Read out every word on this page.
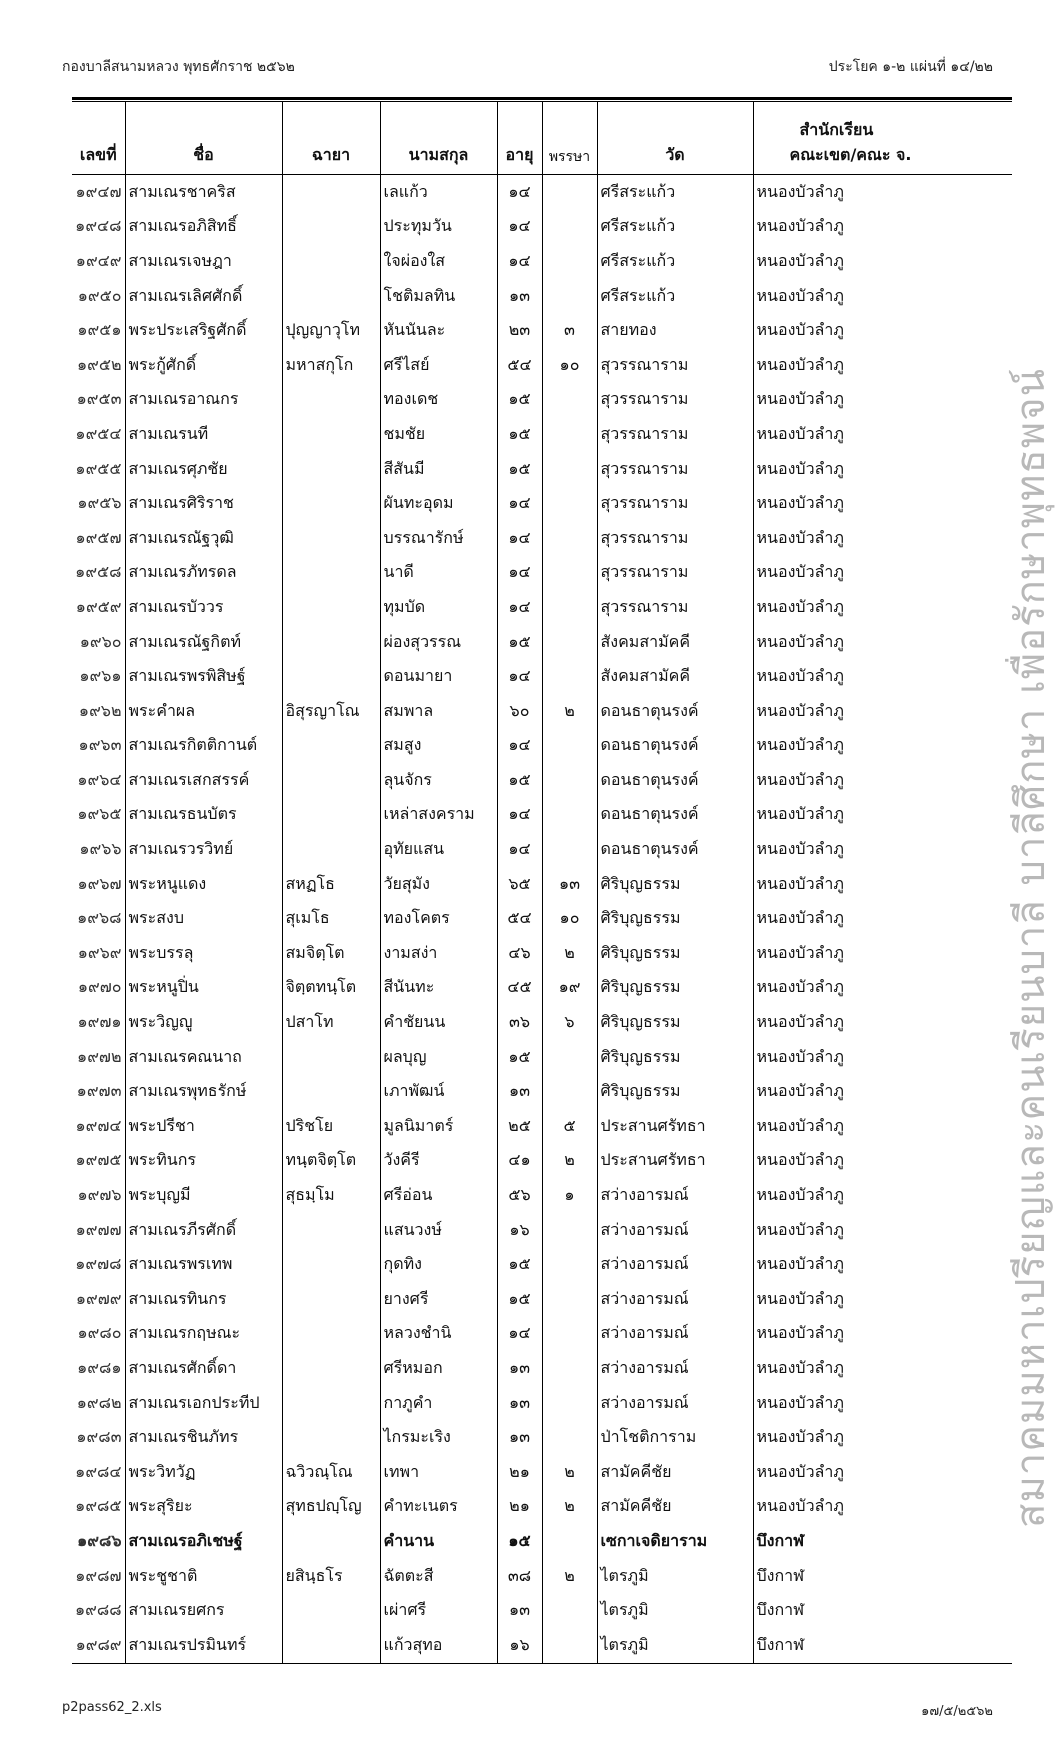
กองบาลีสนามหลวง พุทธศักราช ๒๕๖๒	ประโยค ๑-๒ แผ่นที่ ๑๔/๒๒
เลขที่	ชื่อ	ฉายา	นามสกุล	อายุ	พรรษา	วัด	สำนักเรียน
คณะเขต/คณะ จ.

๑๙๔๗	สามเณรชาคริส		เลแก้ว	๑๔		ศรีสระแก้ว	หนองบัวลำภู
๑๙๔๘	สามเณรอภิสิทธิ์		ประทุมวัน	๑๔		ศรีสระแก้ว	หนองบัวลำภู
๑๙๔๙	สามเณรเจษฎา		ใจผ่องใส	๑๔		ศรีสระแก้ว	หนองบัวลำภู
๑๙๕๐	สามเณรเลิศศักดิ์		โชติมลทิน	๑๓		ศรีสระแก้ว	หนองบัวลำภู
๑๙๕๑	พระประเสริฐศักดิ์	ปุญญาวุโท	หันนันละ	๒๓	๓	สายทอง	หนองบัวลำภู
๑๙๕๒	พระกู้ศักดิ์	มหาสกุโก	ศรีไสย์	๕๔	๑๐	สุวรรณาราม	หนองบัวลำภู
๑๙๕๓	สามเณรอาณกร		ทองเดช	๑๕		สุวรรณาราม	หนองบัวลำภู
๑๙๕๔	สามเณรนที		ชมชัย	๑๕		สุวรรณาราม	หนองบัวลำภู
๑๙๕๕	สามเณรศุภชัย		สีสันมี	๑๕		สุวรรณาราม	หนองบัวลำภู
๑๙๕๖	สามเณรศิริราช		ผันทะอุดม	๑๔		สุวรรณาราม	หนองบัวลำภู
๑๙๕๗	สามเณรณัฐวุฒิ		บรรณารักษ์	๑๔		สุวรรณาราม	หนองบัวลำภู
๑๙๕๘	สามเณรภัทรดล		นาดี	๑๔		สุวรรณาราม	หนองบัวลำภู
๑๙๕๙	สามเณรบัววร		ทุมบัด	๑๔		สุวรรณาราม	หนองบัวลำภู
๑๙๖๐	สามเณรณัฐกิตท์		ผ่องสุวรรณ	๑๕		สังคมสามัคคี	หนองบัวลำภู
๑๙๖๑	สามเณรพรพิสิษฐ์		ดอนมายา	๑๔		สังคมสามัคคี	หนองบัวลำภู
๑๙๖๒	พระคำผล	อิสุรญาโณ	สมพาล	๖๐	๒	ดอนธาตุนรงค์	หนองบัวลำภู
๑๙๖๓	สามเณรกิตติกานต์		สมสูง	๑๔		ดอนธาตุนรงค์	หนองบัวลำภู
๑๙๖๔	สามเณรเสกสรรค์		ลุนจักร	๑๕		ดอนธาตุนรงค์	หนองบัวลำภู
๑๙๖๕	สามเณรธนบัตร		เหล่าสงคราม	๑๔		ดอนธาตุนรงค์	หนองบัวลำภู
๑๙๖๖	สามเณรวรวิทย์		อุทัยแสน	๑๔		ดอนธาตุนรงค์	หนองบัวลำภู
๑๙๖๗	พระหนูแดง	สหฏโธ	วัยสุมัง	๖๕	๑๓	ศิริบุญธรรม	หนองบัวลำภู
๑๙๖๘	พระสงบ	สุเมโธ	ทองโคตร	๕๔	๑๐	ศิริบุญธรรม	หนองบัวลำภู
๑๙๖๙	พระบรรลุ	สมจิตฺโต	งามสง่า	๔๖	๒	ศิริบุญธรรม	หนองบัวลำภู
๑๙๗๐	พระหนูปิ่น	จิตฺตทนฺโต	สีนันทะ	๔๕	๑๙	ศิริบุญธรรม	หนองบัวลำภู
๑๙๗๑	พระวิญญู	ปสาโท	คำชัยนน	๓๖	๖	ศิริบุญธรรม	หนองบัวลำภู
๑๙๗๒	สามเณรคณนาถ		ผลบุญ	๑๕		ศิริบุญธรรม	หนองบัวลำภู
๑๙๗๓	สามเณรพุทธรักษ์		เภาพัฒน์	๑๓		ศิริบุญธรรม	หนองบัวลำภู
๑๙๗๔	พระปรีชา	ปริชโย	มูลนิมาตร์	๒๕	๕	ประสานศรัทธา	หนองบัวลำภู
๑๙๗๕	พระทินกร	ทนฺตจิตฺโต	วังคีรี	๔๑	๒	ประสานศรัทธา	หนองบัวลำภู
๑๙๗๖	พระบุญมี	สุธมฺโม	ศรีอ่อน	๕๖	๑	สว่างอารมณ์	หนองบัวลำภู
๑๙๗๗	สามเณรภีรศักดิ์		แสนวงษ์	๑๖		สว่างอารมณ์	หนองบัวลำภู
๑๙๗๘	สามเณรพรเทพ		กุดทิง	๑๕		สว่างอารมณ์	หนองบัวลำภู
๑๙๗๙	สามเณรทินกร		ยางศรี	๑๕		สว่างอารมณ์	หนองบัวลำภู
๑๙๘๐	สามเณรกฤษณะ		หลวงชำนิ	๑๔		สว่างอารมณ์	หนองบัวลำภู
๑๙๘๑	สามเณรศักดิ์ดา		ศรีหมอก	๑๓		สว่างอารมณ์	หนองบัวลำภู
๑๙๘๒	สามเณรเอกประทีป		กาภูคำ	๑๓		สว่างอารมณ์	หนองบัวลำภู
๑๙๘๓	สามเณรชินภัทร		ไกรมะเริง	๑๓		ป่าโชติการาม	หนองบัวลำภู
๑๙๘๔	พระวิทวัฏ	ฉวิวณฺโณ	เทพา	๒๑	๒	สามัคคีชัย	หนองบัวลำภู
๑๙๘๕	พระสุริยะ	สุทธปญฺโญ	คำทะเนตร	๒๑	๒	สามัคคีชัย	หนองบัวลำภู
๑๙๘๖	สามเณรอภิเชษฐ์		คำนาน	๑๕		เซกาเจดิยาราม	บึงกาฬ
๑๙๘๗	พระชูชาติ	ยสินฺธโร	ฉัตตะสี	๓๘	๒	ไตรภูมิ	บึงกาฬ
๑๙๘๘	สามเณรยศกร		เผ่าศรี	๑๓		ไตรภูมิ	บึงกาฬ
๑๙๘๙	สามเณรปรมินทร์		แก้วสุทอ	๑๖		ไตรภูมิ	บึงกาฬ
สมาคมมหาเปรียญและคนเรียนบาลี บาลีศึกษา เพื่อรักษาพุทธพจน์
p2pass62_2.xls	๑๗/๕/๒๕๖๒
